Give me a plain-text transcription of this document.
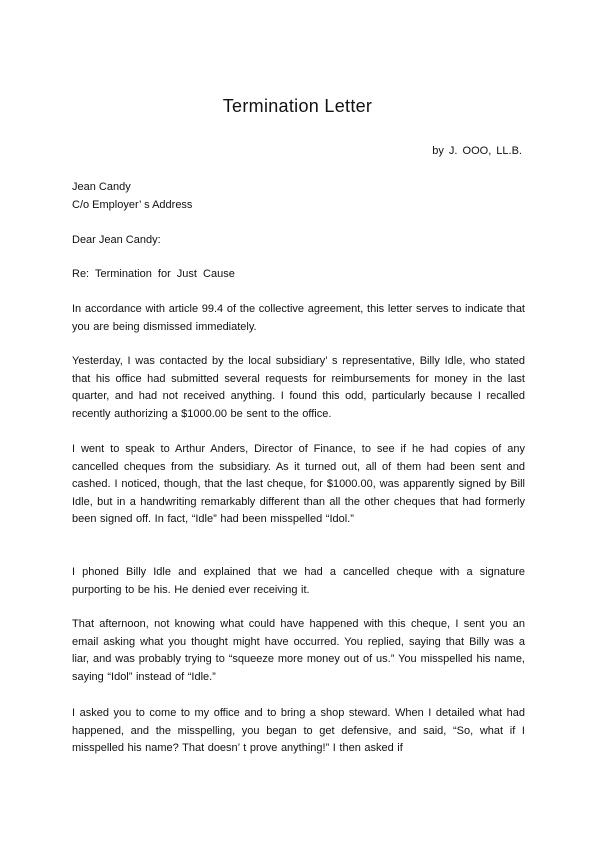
Termination Letter
by J. OOO, LL.B.
Jean Candy
C/o Employer’ s Address
Dear Jean Candy:
Re: Termination for Just Cause

In accordance with article 99.4 of the collective agreement, this letter serves to indicate that you are being dismissed immediately.

Yesterday, I was contacted by the local subsidiary’ s representative, Billy Idle, who stated that his office had submitted several requests for reimbursements for money in the last quarter, and had not received anything. I found this odd, particularly because I recalled recently authorizing a $1000.00 be sent to the office.

I went to speak to Arthur Anders, Director of Finance, to see if he had copies of any cancelled cheques from the subsidiary. As it turned out, all of them had been sent and cashed. I noticed, though, that the last cheque, for $1000.00, was apparently signed by Bill Idle, but in a handwriting remarkably different than all the other cheques that had formerly been signed off. In fact, “Idle” had been misspelled “Idol.”

I phoned Billy Idle and explained that we had a cancelled cheque with a signature purporting to be his. He denied ever receiving it.

That afternoon, not knowing what could have happened with this cheque, I sent you an email asking what you thought might have occurred. You replied, saying that Billy was a liar, and was probably trying to “squeeze more money out of us.” You misspelled his name, saying “Idol” instead of “Idle.”

I asked you to come to my office and to bring a shop steward. When I detailed what had happened, and the misspelling, you began to get defensive, and said, “So, what if I misspelled his name? That doesn’ t prove anything!” I then asked if
